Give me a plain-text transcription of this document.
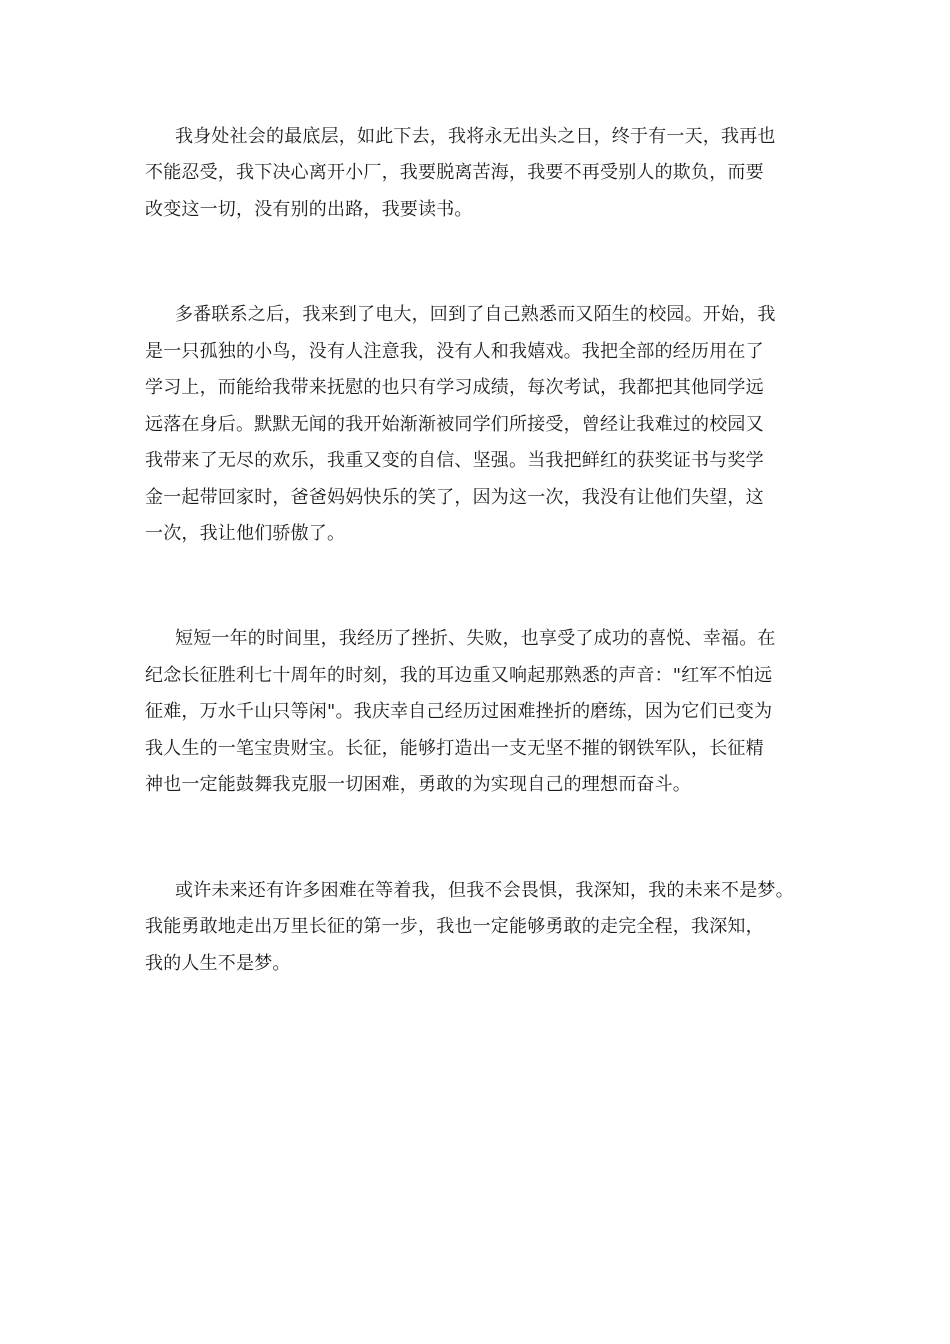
我身处社会的最底层，如此下去，我将永无出头之日，终于有一天，我再也
不能忍受，我下决心离开小厂，我要脱离苦海，我要不再受别人的欺负，而要
改变这一切，没有别的出路，我要读书。
多番联系之后，我来到了电大，回到了自己熟悉而又陌生的校园。开始，我
是一只孤独的小鸟，没有人注意我，没有人和我嬉戏。我把全部的经历用在了
学习上，而能给我带来抚慰的也只有学习成绩，每次考试，我都把其他同学远
远落在身后。默默无闻的我开始渐渐被同学们所接受，曾经让我难过的校园又
我带来了无尽的欢乐，我重又变的自信、坚强。当我把鲜红的获奖证书与奖学
金一起带回家时，爸爸妈妈快乐的笑了，因为这一次，我没有让他们失望，这
一次，我让他们骄傲了。
短短一年的时间里，我经历了挫折、失败，也享受了成功的喜悦、幸福。在
纪念长征胜利七十周年的时刻，我的耳边重又响起那熟悉的声音："红军不怕远
征难，万水千山只等闲"。我庆幸自己经历过困难挫折的磨练，因为它们已变为
我人生的一笔宝贵财宝。长征，能够打造出一支无坚不摧的钢铁军队，长征精
神也一定能鼓舞我克服一切困难，勇敢的为实现自己的理想而奋斗。
或许未来还有许多困难在等着我，但我不会畏惧，我深知，我的未来不是梦。
我能勇敢地走出万里长征的第一步，我也一定能够勇敢的走完全程，我深知，
我的人生不是梦。
